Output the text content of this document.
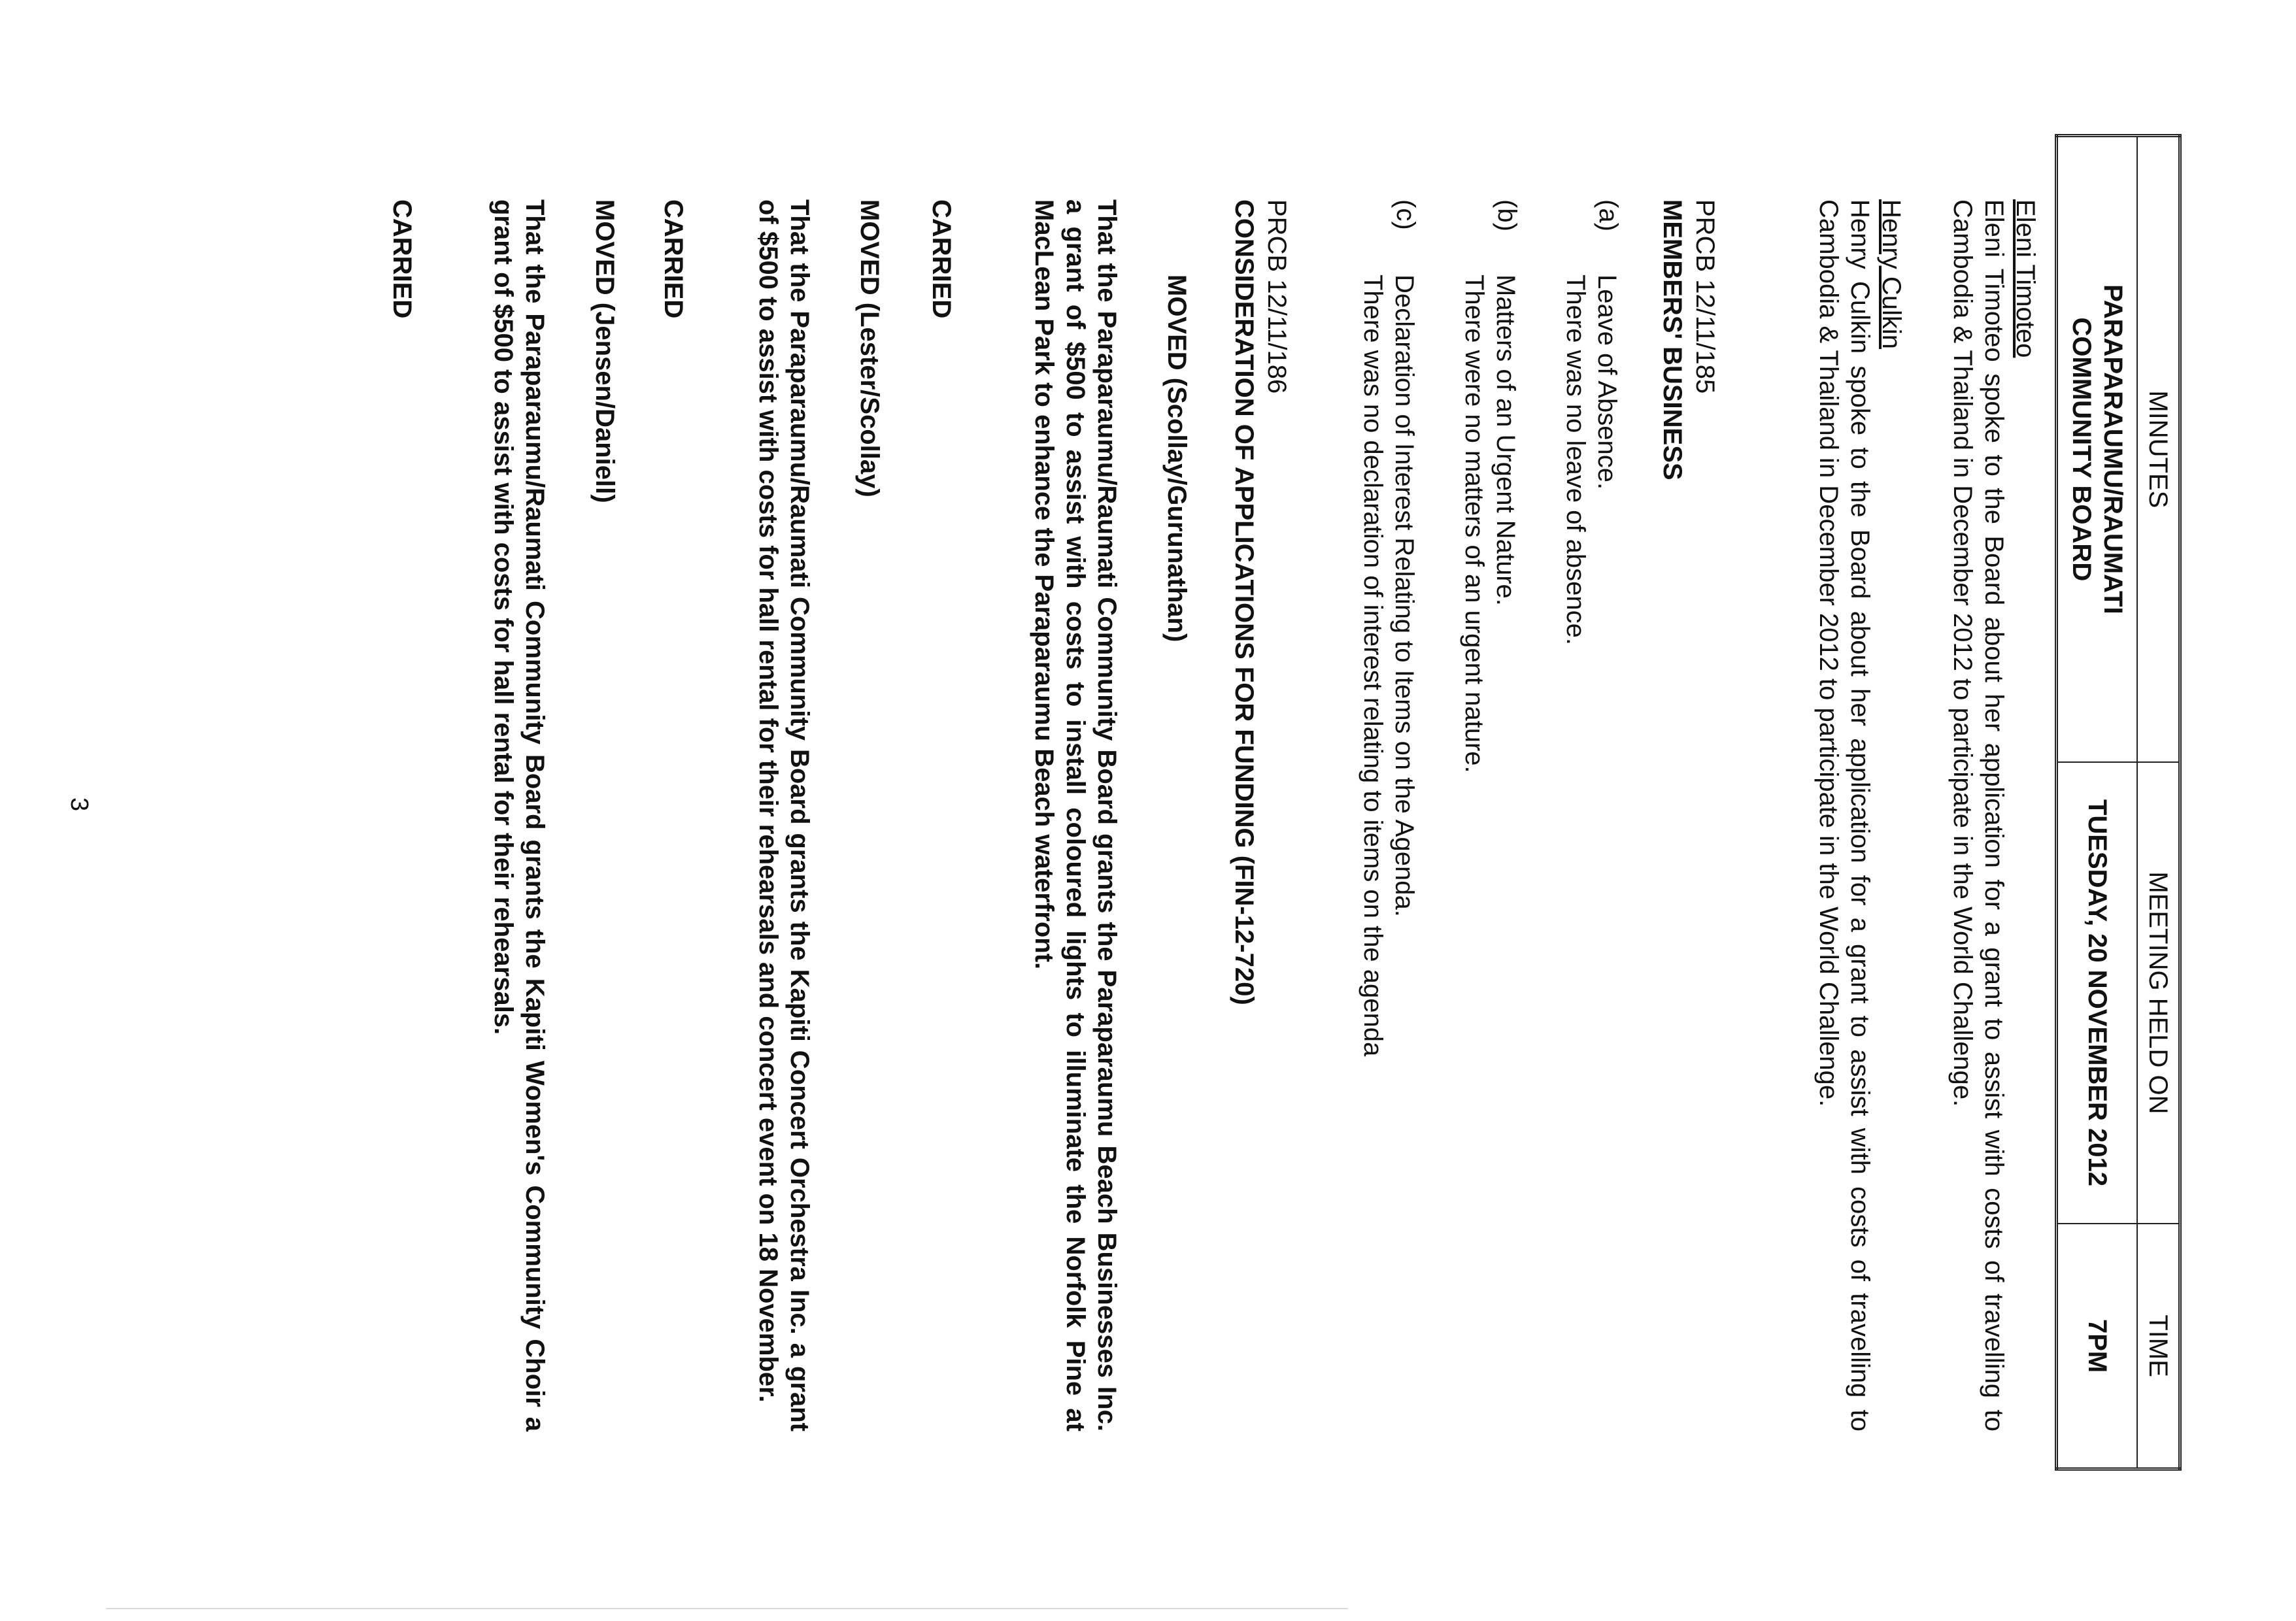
MINUTES	MEETING HELD ON	TIME

PARAPARAUMU/RAUMATI
COMMUNITY BOARD	TUESDAY, 20 NOVEMBER 2012	7PM
Eleni Timoteo
Eleni Timoteo spoke to the Board about her application for a grant to assist with costs of travelling to Cambodia & Thailand in December 2012 to participate in the World Challenge.
Henry Culkin
Henry Culkin spoke to the Board about her application for a grant to assist with costs of travelling to Cambodia & Thailand in December 2012 to participate in the World Challenge.
PRCB 12/11/185
MEMBERS' BUSINESS
(a)
Leave of Absence.
There was no leave of absence.
(b)
Matters of an Urgent Nature.
There were no matters of an urgent nature.
(c)
Declaration of Interest Relating to Items on the Agenda.
There was no declaration of interest relating to items on the agenda
PRCB 12/11/186
CONSIDERATION OF APPLICATIONS FOR FUNDING (FIN-12-720)
MOVED (Scollay/Gurunathan)
That the Paraparaumu/Raumati Community Board grants the Paraparaumu Beach Businesses Inc. a grant of $500 to assist with costs to install coloured lights to illuminate the Norfolk Pine at MacLean Park to enhance the Paraparaumu Beach waterfront.
CARRIED
MOVED (Lester/Scollay)
That the Paraparaumu/Raumati Community Board grants the Kapiti Concert Orchestra Inc. a grant of $500 to assist with costs for hall rental for their rehearsals and concert event on 18 November.
CARRIED
MOVED (Jensen/Daniell)
That the Paraparaumu/Raumati Community Board grants the Kapiti Women's Community Choir a grant of $500 to assist with costs for hall rental for their rehearsals.
CARRIED
3
